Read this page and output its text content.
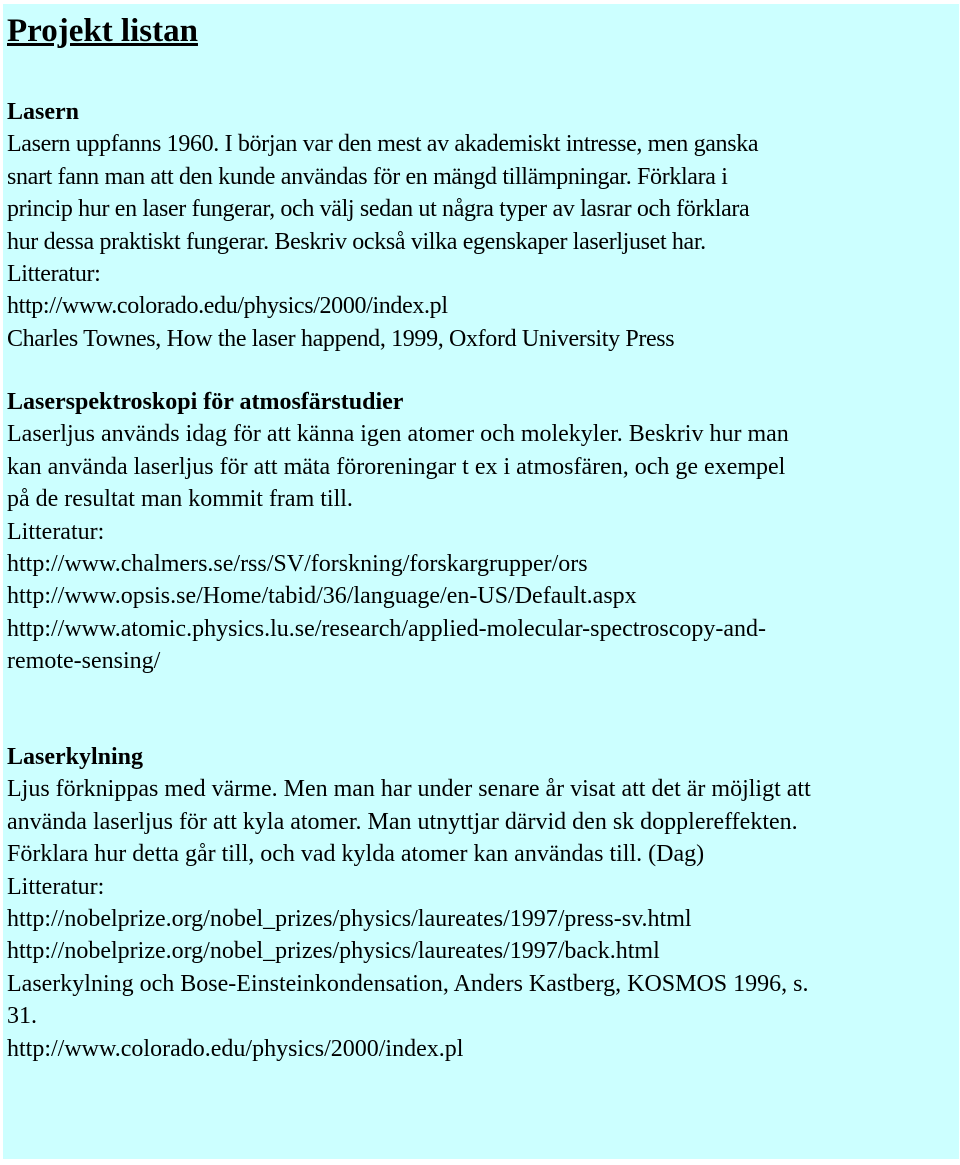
Projekt listan
Lasern
Lasern uppfanns 1960. I början var den mest av akademiskt intresse, men ganska
snart fann man att den kunde användas för en mängd tillämpningar. Förklara i
princip hur en laser fungerar, och välj sedan ut några typer av lasrar och förklara
hur dessa praktiskt fungerar. Beskriv också vilka egenskaper laserljuset har.
Litteratur:
http://www.colorado.edu/physics/2000/index.pl
Charles Townes, How the laser happend, 1999, Oxford University Press
Laserspektroskopi för atmosfärstudier
Laserljus används idag för att känna igen atomer och molekyler. Beskriv hur man
kan använda laserljus för att mäta föroreningar t ex i atmosfären, och ge exempel
på de resultat man kommit fram till.
Litteratur:
http://www.chalmers.se/rss/SV/forskning/forskargrupper/ors
http://www.opsis.se/Home/tabid/36/language/en-US/Default.aspx
http://www.atomic.physics.lu.se/research/applied-molecular-spectroscopy-and-
remote-sensing/
Laserkylning
Ljus förknippas med värme. Men man har under senare år visat att det är möjligt att
använda laserljus för att kyla atomer. Man utnyttjar därvid den sk dopplereffekten.
Förklara hur detta går till, och vad kylda atomer kan användas till. (Dag)
Litteratur:
http://nobelprize.org/nobel_prizes/physics/laureates/1997/press-sv.html
http://nobelprize.org/nobel_prizes/physics/laureates/1997/back.html
Laserkylning och Bose-Einsteinkondensation, Anders Kastberg, KOSMOS 1996, s.
31.
http://www.colorado.edu/physics/2000/index.pl
